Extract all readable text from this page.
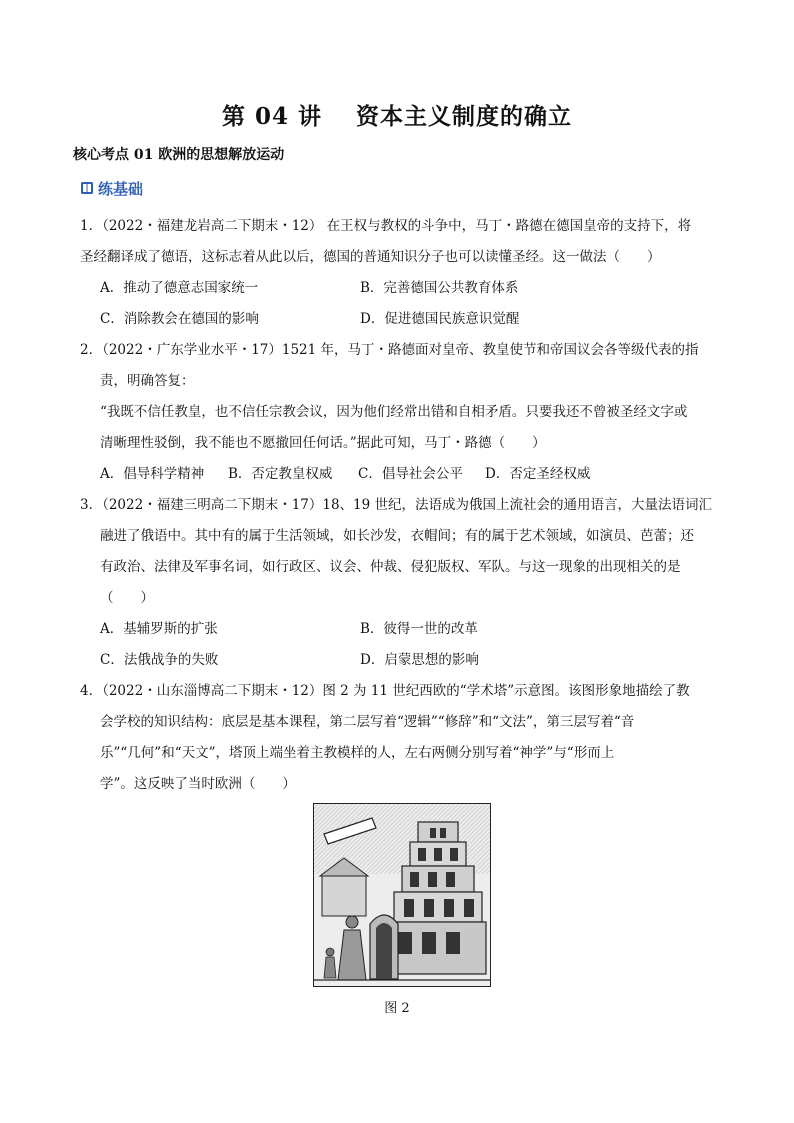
第 04 讲 资本主义制度的确立
核心考点 01 欧洲的思想解放运动
练基础
1．（2022・福建龙岩高二下期末・12） 在王权与教权的斗争中，马丁・路德在德国皇帝的支持下，将
圣经翻译成了德语，这标志着从此以后，德国的普通知识分子也可以读懂圣经。这一做法（　　）
A．推动了德意志国家统一	B．完善德国公共教育体系
C．消除教会在德国的影响	D．促进德国民族意识觉醒
2．（2022・广东学业水平・17）1521 年，马丁・路德面对皇帝、教皇使节和帝国议会各等级代表的指
责，明确答复：
“我既不信任教皇，也不信任宗教会议，因为他们经常出错和自相矛盾。只要我还不曾被圣经文字或
清晰理性驳倒，我不能也不愿撤回任何话。”据此可知，马丁・路德（　　）
A．倡导科学精神 B．否定教皇权威 C．倡导社会公平 D．否定圣经权威
3．（2022・福建三明高二下期末・17）18、19 世纪，法语成为俄国上流社会的通用语言，大量法语词汇
融进了俄语中。其中有的属于生活领域，如长沙发，衣帽间；有的属于艺术领域，如演员、芭蕾；还
有政治、法律及军事名词，如行政区、议会、仲裁、侵犯版权、军队。与这一现象的出现相关的是
（　　）
A．基辅罗斯的扩张	B．彼得一世的改革
C．法俄战争的失败	D．启蒙思想的影响
4．（2022・山东淄博高二下期末・12）图 2 为 11 世纪西欧的“学术塔”示意图。该图形象地描绘了教
会学校的知识结构：底层是基本课程，第二层写着“逻辑”“修辞”和“文法”，第三层写着“音
乐”“几何”和“天文”，塔顶上端坐着主教模样的人，左右两侧分别写着“神学”与“形而上
学”。这反映了当时欧洲（　　）
图 2
